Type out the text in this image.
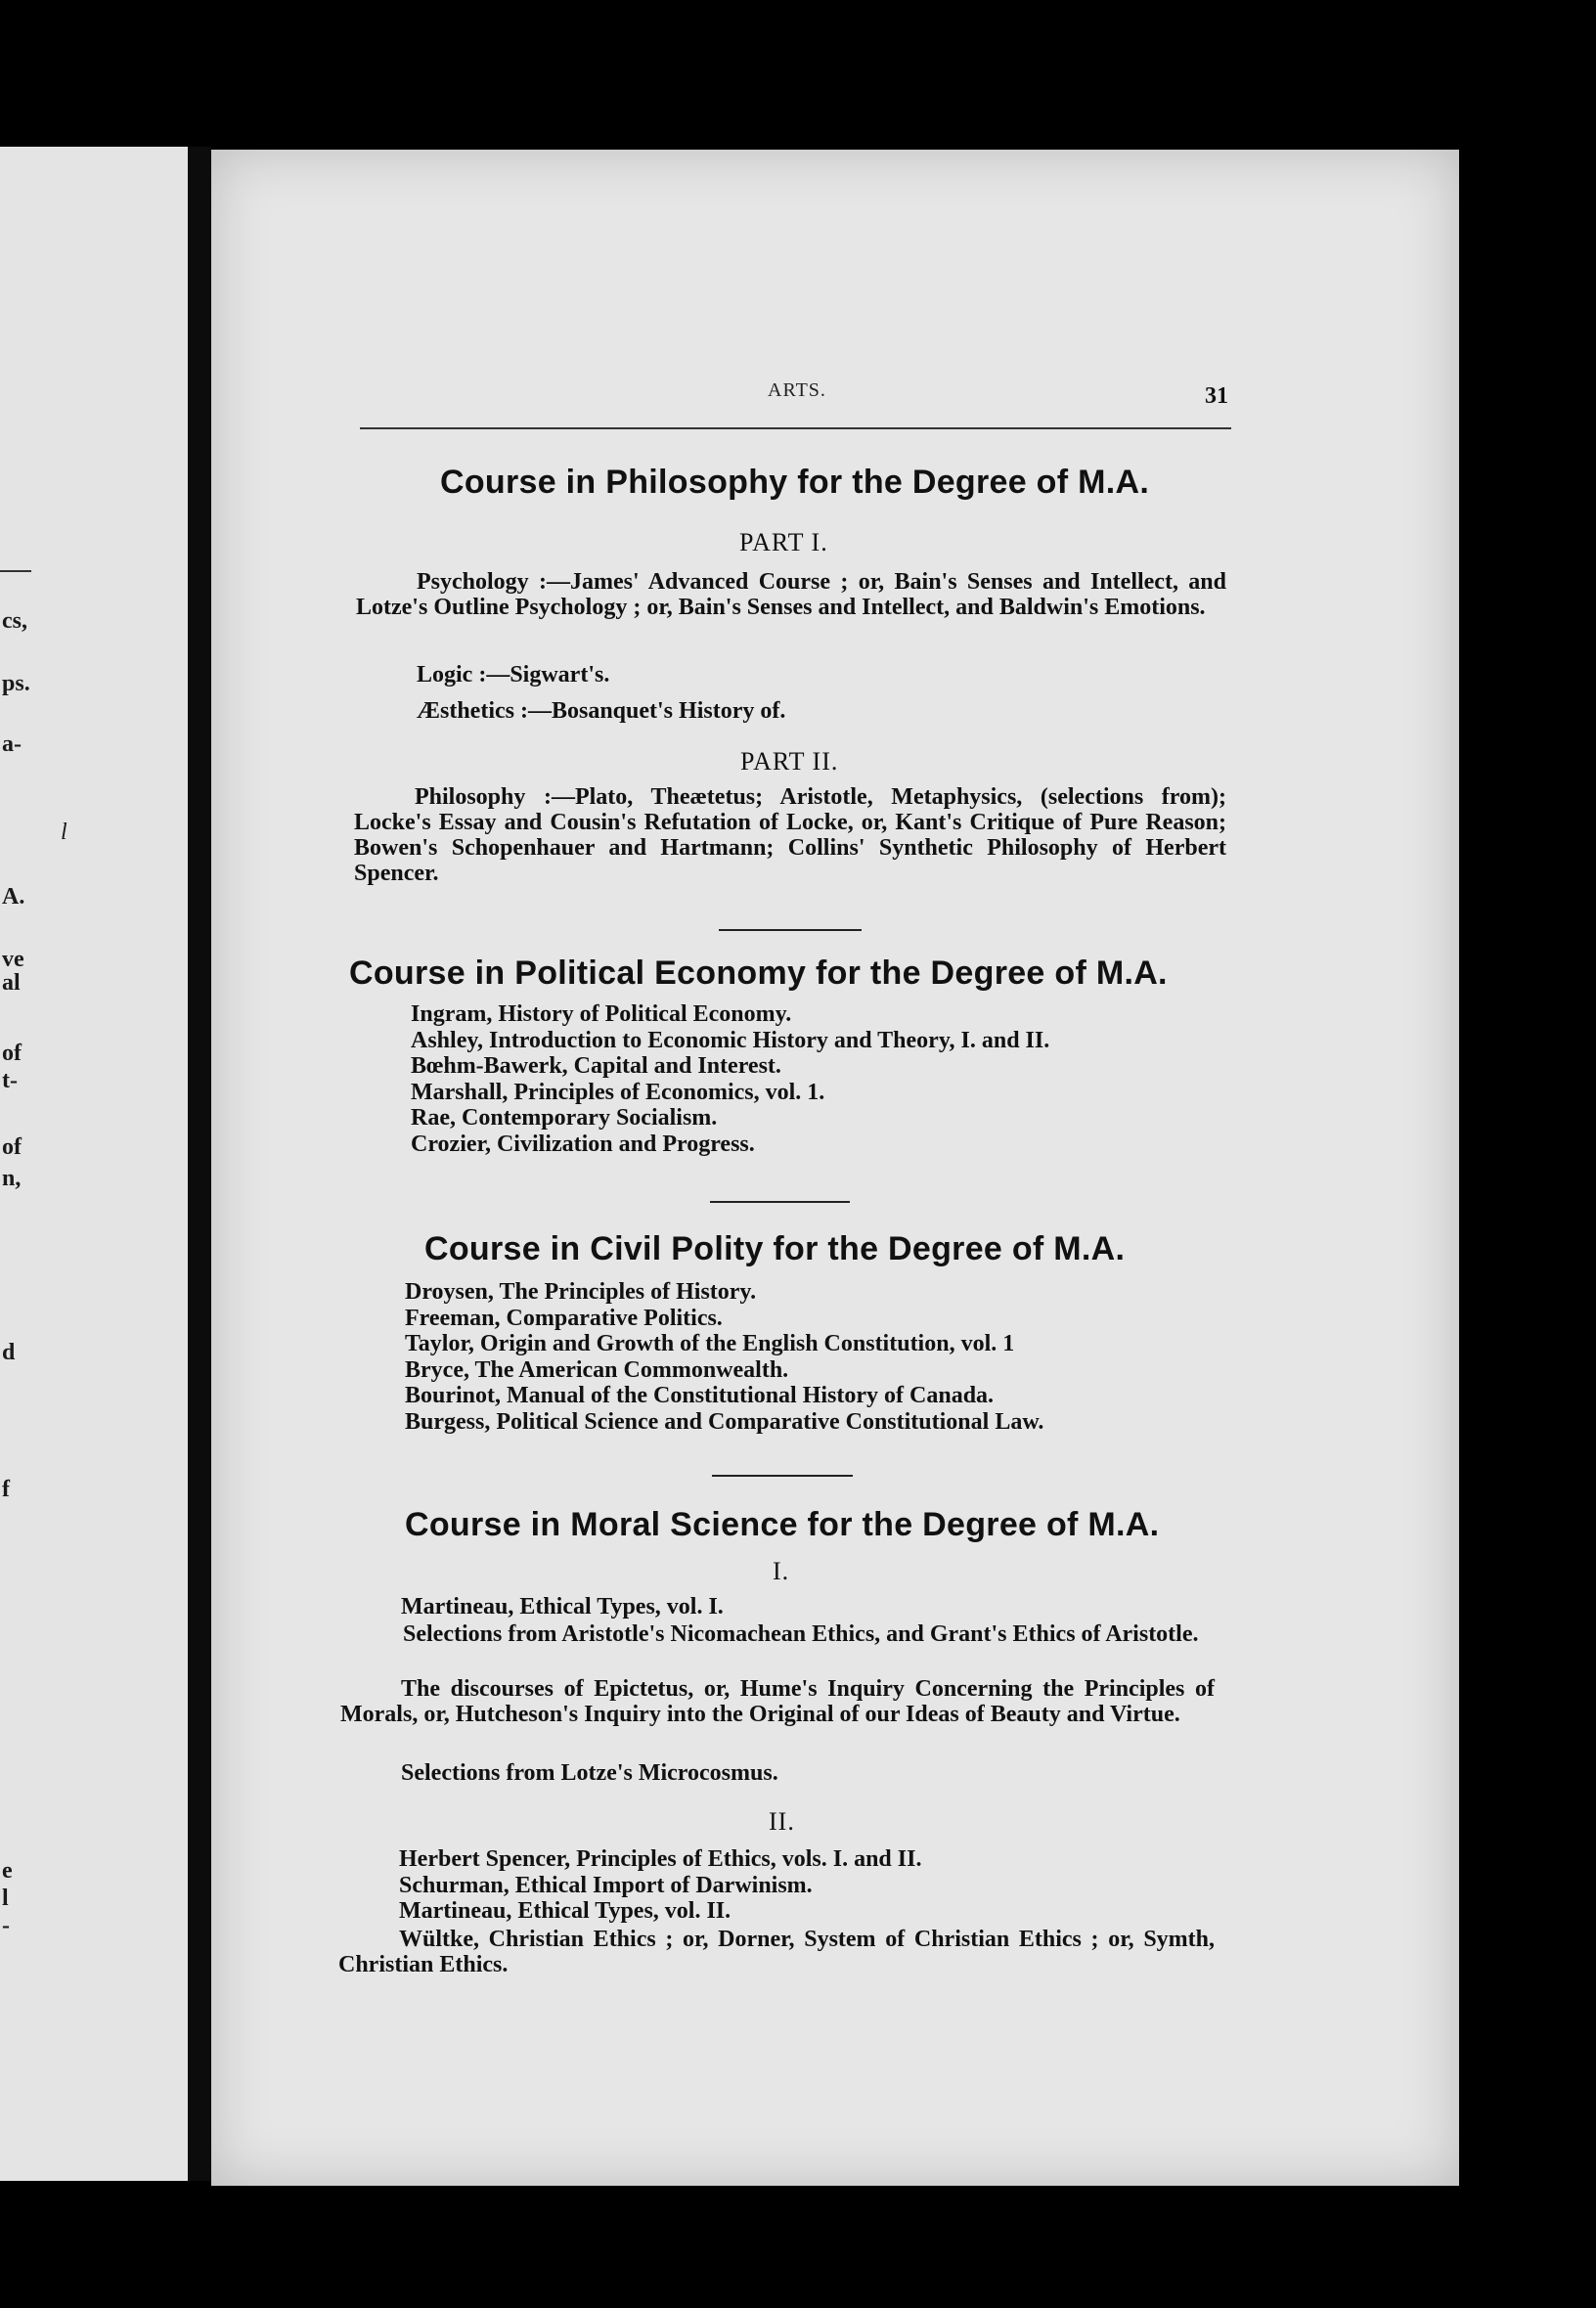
cs,
ps.
a-
l
A.
ve
al
of
t-
of
n,
d
f
e
l
-
ARTS.	31
Course in Philosophy for the Degree of M.A.
PART I.
Psychology :—James' Advanced Course ; or, Bain's Senses and Intellect, and Lotze's Outline Psychology ; or, Bain's Senses and Intellect, and Baldwin's Emotions.
Logic :—Sigwart's.
Æsthetics :—Bosanquet's History of.
PART II.
Philosophy :—Plato, Theætetus; Aristotle, Metaphysics, (selections from); Locke's Essay and Cousin's Refutation of Locke, or, Kant's Critique of Pure Reason; Bowen's Schopenhauer and Hartmann; Collins' Synthetic Philosophy of Herbert Spencer.
Course in Political Economy for the Degree of M.A.
Ingram, History of Political Economy.
Ashley, Introduction to Economic History and Theory, I. and II.
Bœhm-Bawerk, Capital and Interest.
Marshall, Principles of Economics, vol. 1.
Rae, Contemporary Socialism.
Crozier, Civilization and Progress.
Course in Civil Polity for the Degree of M.A.
Droysen, The Principles of History.
Freeman, Comparative Politics.
Taylor, Origin and Growth of the English Constitution, vol. 1
Bryce, The American Commonwealth.
Bourinot, Manual of the Constitutional History of Canada.
Burgess, Political Science and Comparative Constitutional Law.
Course in Moral Science for the Degree of M.A.
I.
Martineau, Ethical Types, vol. I.
Selections from Aristotle's Nicomachean Ethics, and Grant's Ethics of Aristotle.
The discourses of Epictetus, or, Hume's Inquiry Concerning the Principles of Morals, or, Hutcheson's Inquiry into the Original of our Ideas of Beauty and Virtue.
Selections from Lotze's Microcosmus.
II.
Herbert Spencer, Principles of Ethics, vols. I. and II.
Schurman, Ethical Import of Darwinism.
Martineau, Ethical Types, vol. II.
Wültke, Christian Ethics ; or, Dorner, System of Christian Ethics ; or, Symth, Christian Ethics.
